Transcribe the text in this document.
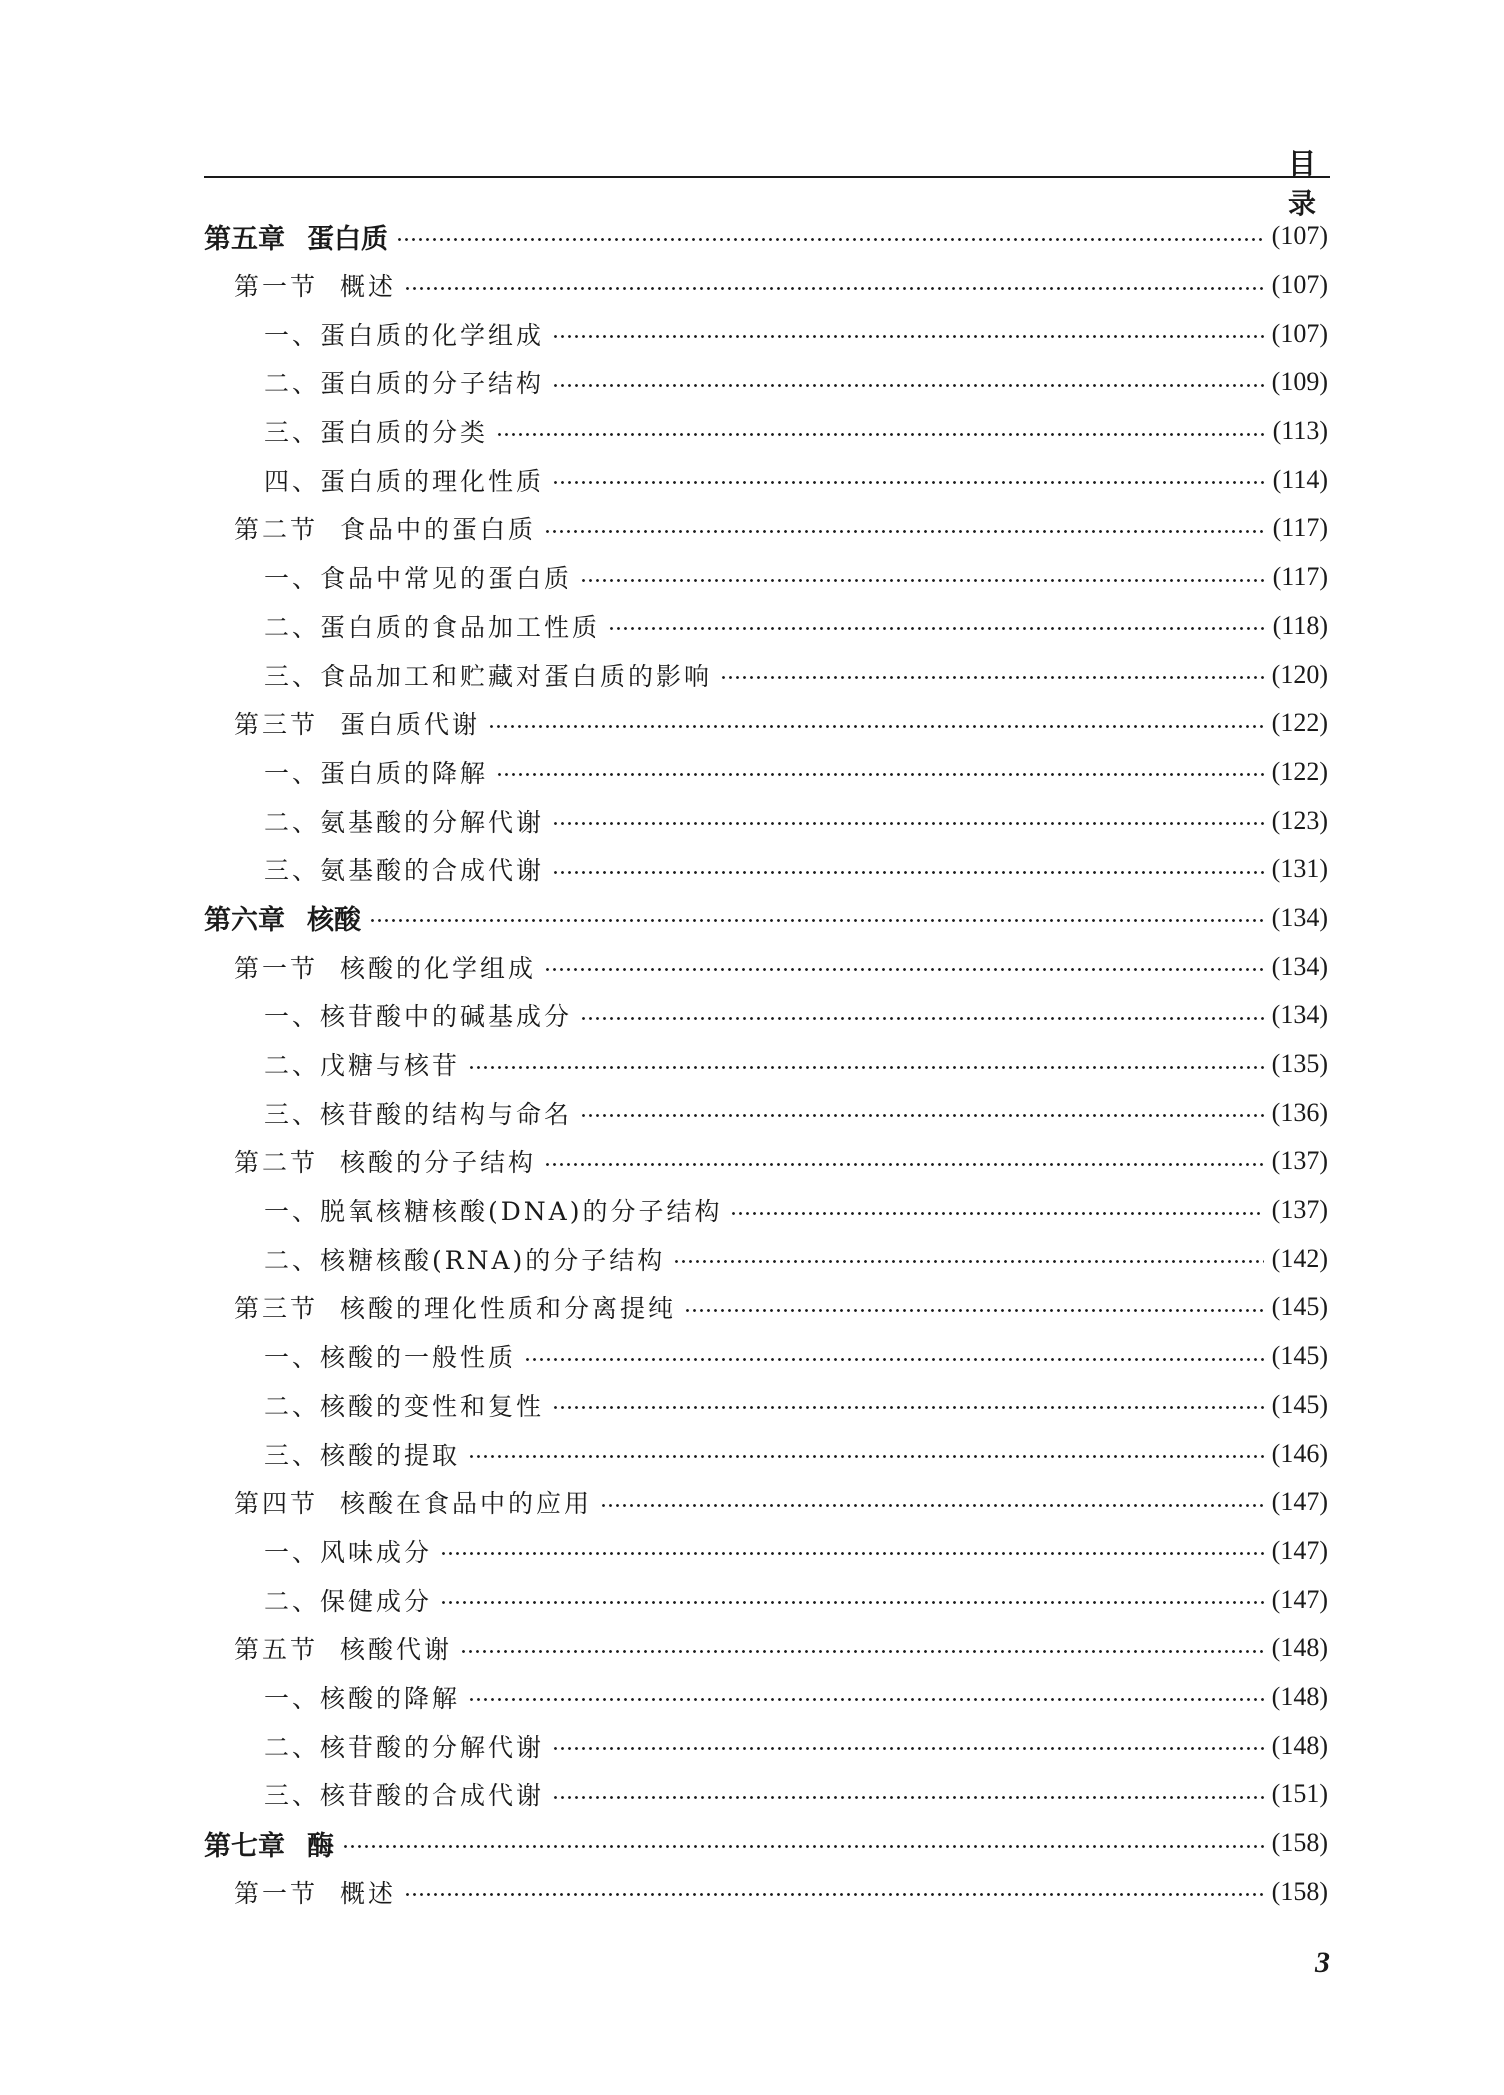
目 录
第五章 蛋白质	(107)
第一节 概述	(107)
一、蛋白质的化学组成	(107)
二、蛋白质的分子结构	(109)
三、蛋白质的分类	(113)
四、蛋白质的理化性质	(114)
第二节 食品中的蛋白质	(117)
一、食品中常见的蛋白质	(117)
二、蛋白质的食品加工性质	(118)
三、食品加工和贮藏对蛋白质的影响	(120)
第三节 蛋白质代谢	(122)
一、蛋白质的降解	(122)
二、氨基酸的分解代谢	(123)
三、氨基酸的合成代谢	(131)
第六章 核酸	(134)
第一节 核酸的化学组成	(134)
一、核苷酸中的碱基成分	(134)
二、戊糖与核苷	(135)
三、核苷酸的结构与命名	(136)
第二节 核酸的分子结构	(137)
一、脱氧核糖核酸(DNA)的分子结构	(137)
二、核糖核酸(RNA)的分子结构	(142)
第三节 核酸的理化性质和分离提纯	(145)
一、核酸的一般性质	(145)
二、核酸的变性和复性	(145)
三、核酸的提取	(146)
第四节 核酸在食品中的应用	(147)
一、风味成分	(147)
二、保健成分	(147)
第五节 核酸代谢	(148)
一、核酸的降解	(148)
二、核苷酸的分解代谢	(148)
三、核苷酸的合成代谢	(151)
第七章 酶	(158)
第一节 概述	(158)
3
